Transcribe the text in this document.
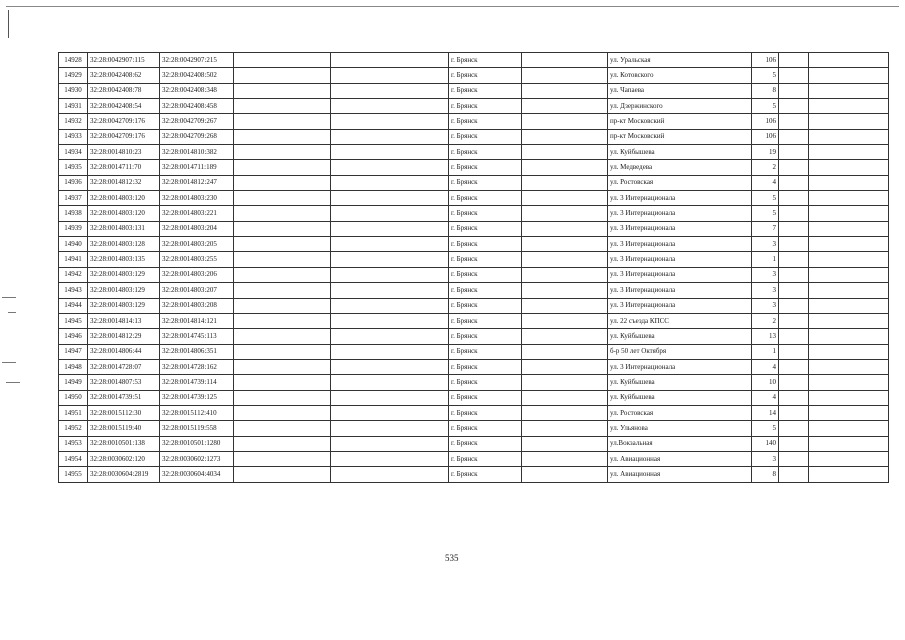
14928	32:28:0042907:115	32:28:0042907:215			г. Брянск		ул. Уральская	106		
14929	32:28:0042408:62	32:28:0042408:502			г. Брянск		ул. Котовского	5		
14930	32:28:0042408:78	32:28:0042408:348			г. Брянск		ул. Чапаева	8		
14931	32:28:0042408:54	32:28:0042408:458			г. Брянск		ул. Дзержинского	5		
14932	32:28:0042709:176	32:28:0042709:267			г. Брянск		пр-кт Московский	106		
14933	32:28:0042709:176	32:28:0042709:268			г. Брянск		пр-кт Московский	106		
14934	32:28:0014810:23	32:28:0014810:382			г. Брянск		ул. Куйбышева	19		
14935	32:28:0014711:70	32:28:0014711:189			г. Брянск		ул. Медведева	2		
14936	32:28:0014812:32	32:28:0014812:247			г. Брянск		ул. Ростовская	4		
14937	32:28:0014803:120	32:28:0014803:230			г. Брянск		ул. 3 Интернационала	5		
14938	32:28:0014803:120	32:28:0014803:221			г. Брянск		ул. 3 Интернационала	5		
14939	32:28:0014803:131	32:28:0014803:204			г. Брянск		ул. 3 Интернационала	7		
14940	32:28:0014803:128	32:28:0014803:205			г. Брянск		ул. 3 Интернационала	3		
14941	32:28:0014803:135	32:28:0014803:255			г. Брянск		ул. 3 Интернационала	1		
14942	32:28:0014803:129	32:28:0014803:206			г. Брянск		ул. 3 Интернационала	3		
14943	32:28:0014803:129	32:28:0014803:207			г. Брянск		ул. 3 Интернационала	3		
14944	32:28:0014803:129	32:28:0014803:208			г. Брянск		ул. 3 Интернационала	3		
14945	32:28:0014814:13	32:28:0014814:121			г. Брянск		ул. 22 съезда КПСС	2		
14946	32:28:0014812:29	32:28:0014745:113			г. Брянск		ул. Куйбышева	13		
14947	32:28:0014806:44	32:28:0014806:351			г. Брянск		б-р 50 лет Октября	1		
14948	32:28:0014728:07	32:28:0014728:162			г. Брянск		ул. 3 Интернационала	4		
14949	32:28:0014807:53	32:28:0014739:114			г. Брянск		ул. Куйбышева	10		
14950	32:28:0014739:51	32:28:0014739:125			г. Брянск		ул. Куйбышева	4		
14951	32:28:0015112:30	32:28:0015112:410			г. Брянск		ул. Ростовская	14		
14952	32:28:0015119:40	32:28:0015119:558			г. Брянск		ул. Ульянова	5		
14953	32:28:0010501:138	32:28:0010501:1280			г. Брянск		ул.Вокзальная	140		
14954	32:28:0030602:120	32:28:0030602:1273			г. Брянск		ул. Авиационная	3		
14955	32:28:0030604:2819	32:28:0030604:4034			г. Брянск		ул. Авиационная	8		
535
